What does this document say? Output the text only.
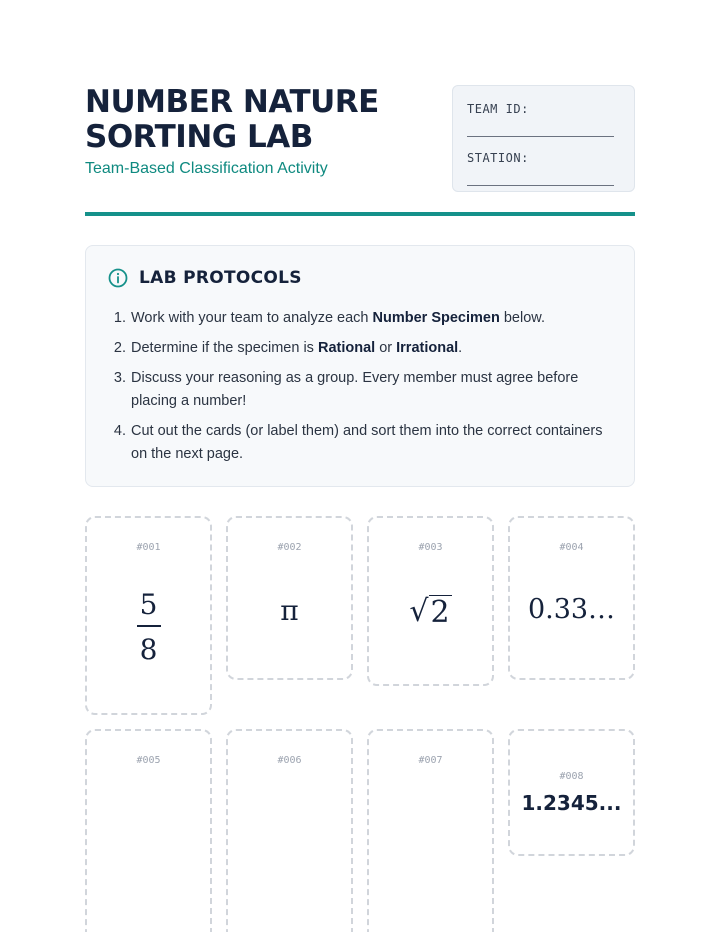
NUMBER NATURE
SORTING LAB
Team-Based Classification Activity
TEAM ID:
STATION:
LAB PROTOCOLS
1. Work with your team to analyze each Number Specimen below.
2. Determine if the specimen is Rational or Irrational.
3. Discuss your reasoning as a group. Every member must agree before placing a number!
4. Cut out the cards (or label them) and sort them into the correct containers on the next page.
#001
5
8
#002
π
#003
√ 2
#004
0.33…
#005	#006	#007
#008
1.2345...
